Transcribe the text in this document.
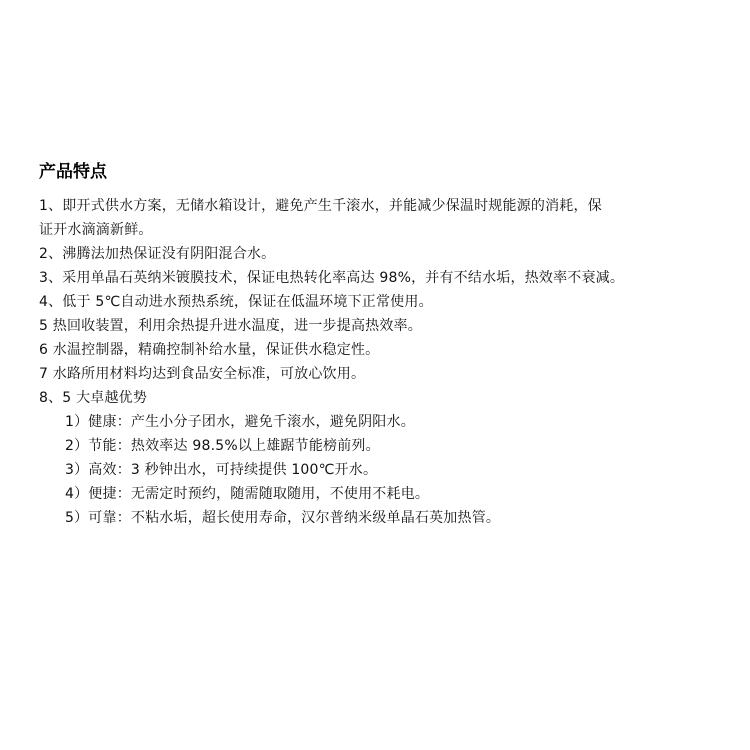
产品特点

1、即开式供水方案，无储水箱设计，避免产生千滚水，并能减少保温时规能源的消耗，保

证开水滴滴新鲜。

2、沸腾法加热保证没有阴阳混合水。

3、采用单晶石英纳米镀膜技术，保证电热转化率高达 98%，并有不结水垢，热效率不衰减。

4、低于 5℃自动进水预热系统，保证在低温环境下正常使用。

5 热回收装置，利用余热提升进水温度，进一步提高热效率。

6 水温控制器，精确控制补给水量，保证供水稳定性。

7 水路所用材料均达到食品安全标准，可放心饮用。

8、5 大卓越优势

1）健康：产生小分子团水，避免千滚水，避免阴阳水。

2）节能：热效率达 98.5%以上雄踞节能榜前列。

3）高效：3 秒钟出水，可持续提供 100℃开水。

4）便捷：无需定时预约，随需随取随用，不使用不耗电。

5）可靠：不粘水垢，超长使用寿命，汉尔普纳米级单晶石英加热管。
